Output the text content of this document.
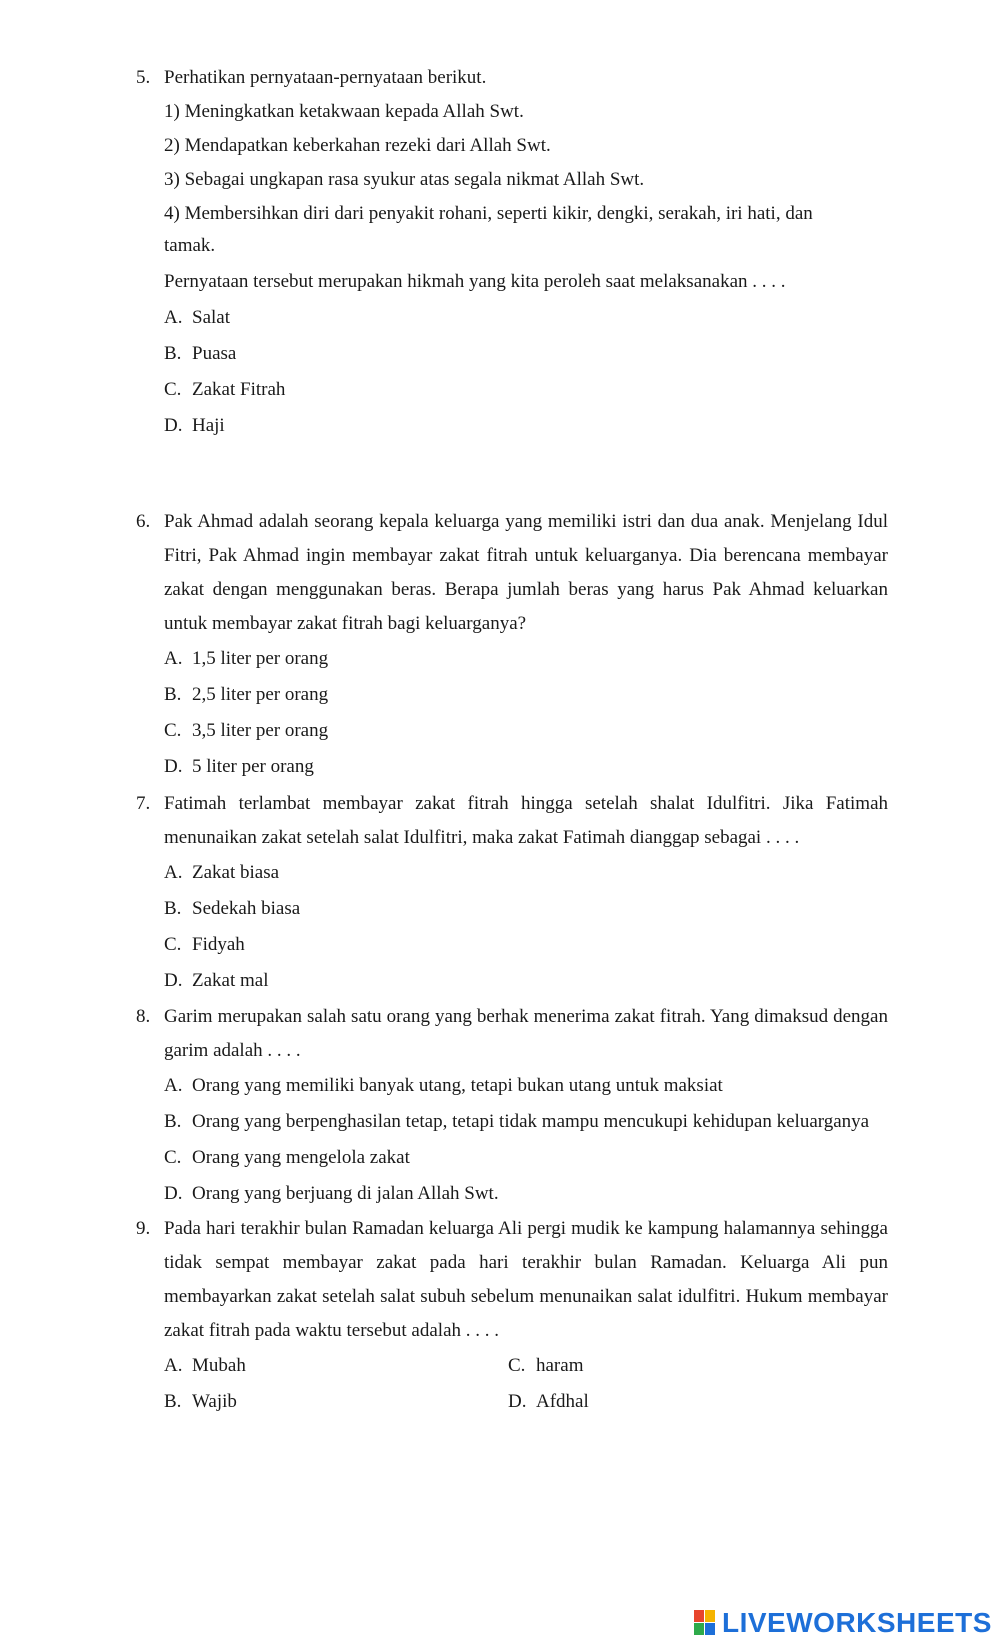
5. Perhatikan pernyataan-pernyataan berikut.
1) Meningkatkan ketakwaan kepada Allah Swt.
2) Mendapatkan keberkahan rezeki dari Allah Swt.
3) Sebagai ungkapan rasa syukur atas segala nikmat Allah Swt.
4) Membersihkan diri dari penyakit rohani, seperti kikir, dengki, serakah, iri hati, dan
tamak.
Pernyataan tersebut merupakan hikmah yang kita peroleh saat melaksanakan . . . .
A. Salat
B. Puasa
C. Zakat Fitrah
D. Haji
6. Pak Ahmad adalah seorang kepala keluarga yang memiliki istri dan dua anak. Menjelang Idul Fitri, Pak Ahmad ingin membayar zakat fitrah untuk keluarganya. Dia berencana membayar zakat dengan menggunakan beras. Berapa jumlah beras yang harus Pak Ahmad keluarkan untuk membayar zakat fitrah bagi keluarganya?
A. 1,5 liter per orang
B. 2,5 liter per orang
C. 3,5 liter per orang
D. 5 liter per orang
7. Fatimah terlambat membayar zakat fitrah hingga setelah shalat Idulfitri. Jika Fatimah menunaikan zakat setelah salat Idulfitri, maka zakat Fatimah dianggap sebagai . . . .
A. Zakat biasa
B. Sedekah biasa
C. Fidyah
D. Zakat mal
8. Garim merupakan salah satu orang yang berhak menerima zakat fitrah. Yang dimaksud dengan garim adalah . . . .
A. Orang yang memiliki banyak utang, tetapi bukan utang untuk maksiat
B. Orang yang berpenghasilan tetap, tetapi tidak mampu mencukupi kehidupan keluarganya
C. Orang yang mengelola zakat
D. Orang yang berjuang di jalan Allah Swt.
9. Pada hari terakhir bulan Ramadan keluarga Ali pergi mudik ke kampung halamannya sehingga tidak sempat membayar zakat pada hari terakhir bulan Ramadan. Keluarga Ali pun membayarkan zakat setelah salat subuh sebelum menunaikan salat idulfitri. Hukum membayar zakat fitrah pada waktu tersebut adalah . . . .
A. Mubah	C. haram
B. Wajib	D. Afdhal
LIVEWORKSHEETS
